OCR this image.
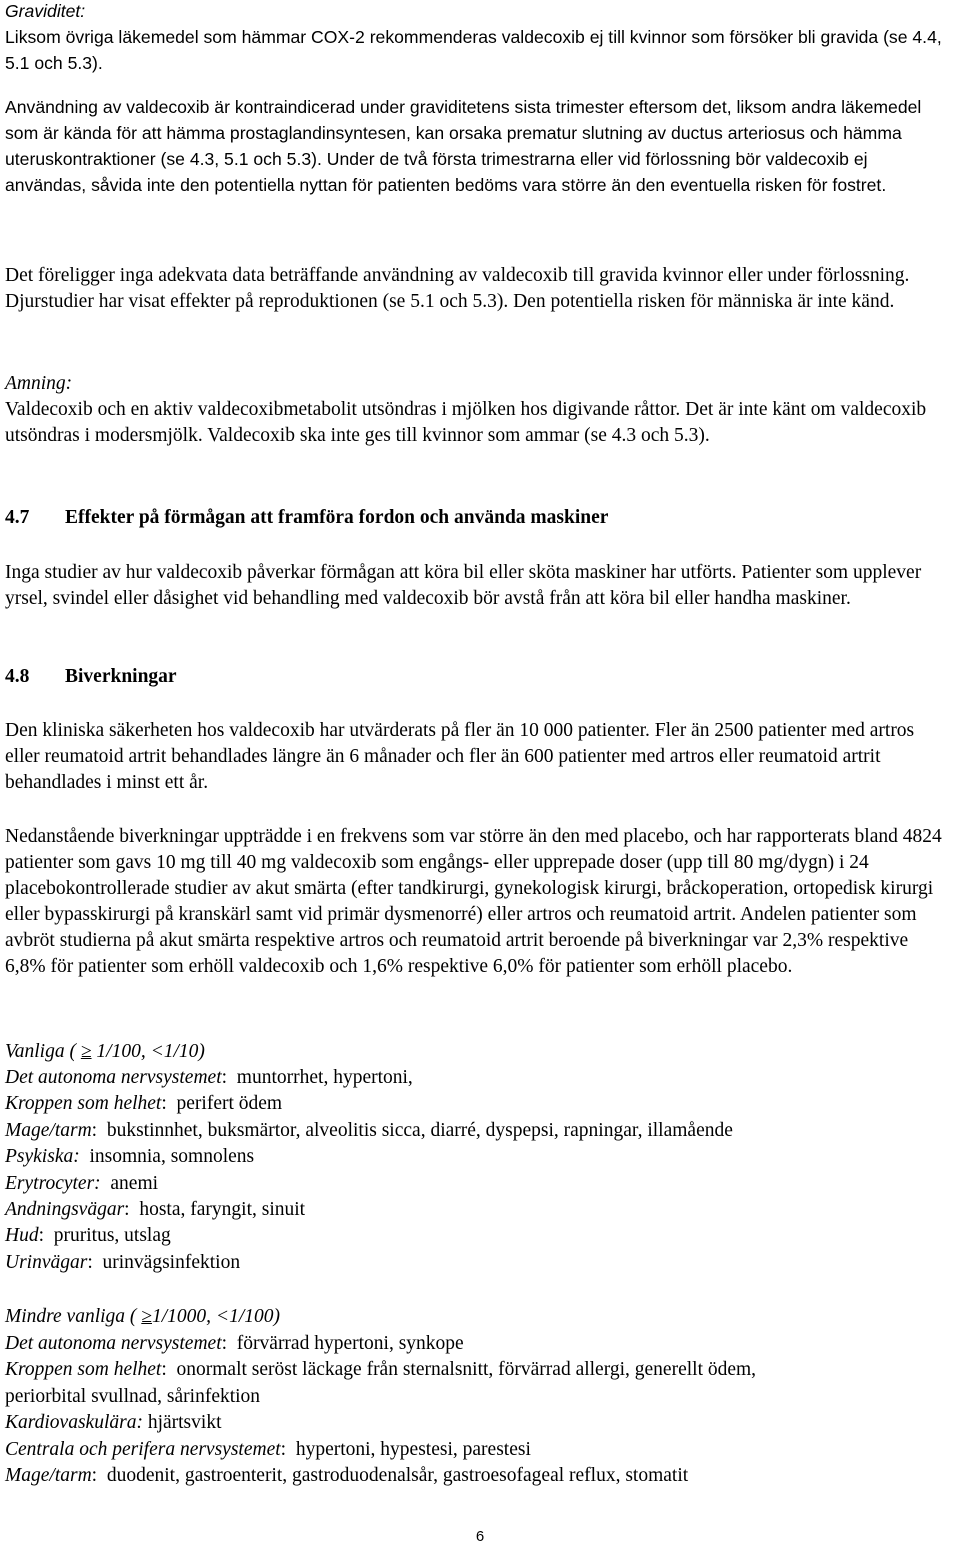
Graviditet:
Liksom övriga läkemedel som hämmar COX-2 rekommenderas valdecoxib ej till kvinnor som försöker bli gravida (se 4.4, 5.1 och 5.3).
Användning av valdecoxib är kontraindicerad under graviditetens sista trimester eftersom det, liksom andra läkemedel som är kända för att hämma prostaglandinsyntesen, kan orsaka prematur slutning av ductus arteriosus och hämma uteruskontraktioner (se 4.3, 5.1 och 5.3). Under de två första trimestrarna eller vid förlossning bör valdecoxib ej användas, såvida inte den potentiella nyttan för patienten bedöms vara större än den eventuella risken för fostret.
Det föreligger inga adekvata data beträffande användning av valdecoxib till gravida kvinnor eller under förlossning. Djurstudier har visat effekter på reproduktionen (se 5.1 och 5.3). Den potentiella risken för människa är inte känd.
Amning:
Valdecoxib och en aktiv valdecoxibmetabolit utsöndras i mjölken hos digivande råttor. Det är inte känt om valdecoxib utsöndras i modersmjölk. Valdecoxib ska inte ges till kvinnor som ammar (se 4.3 och 5.3).
4.7 Effekter på förmågan att framföra fordon och använda maskiner
Inga studier av hur valdecoxib påverkar förmågan att köra bil eller sköta maskiner har utförts. Patienter som upplever yrsel, svindel eller dåsighet vid behandling med valdecoxib bör avstå från att köra bil eller handha maskiner.
4.8 Biverkningar
Den kliniska säkerheten hos valdecoxib har utvärderats på fler än 10 000 patienter. Fler än 2500 patienter med artros eller reumatoid artrit behandlades längre än 6 månader och fler än 600 patienter med artros eller reumatoid artrit behandlades i minst ett år.
Nedanstående biverkningar uppträdde i en frekvens som var större än den med placebo, och har rapporterats bland 4824 patienter som gavs 10 mg till 40 mg valdecoxib som engångs- eller upprepade doser (upp till 80 mg/dygn) i 24 placebokontrollerade studier av akut smärta (efter tandkirurgi, gynekologisk kirurgi, bråckoperation, ortopedisk kirurgi eller bypasskirurgi på kranskärl samt vid primär dysmenorré) eller artros och reumatoid artrit. Andelen patienter som avbröt studierna på akut smärta respektive artros och reumatoid artrit beroende på biverkningar var 2,3% respektive 6,8% för patienter som erhöll valdecoxib och 1,6% respektive 6,0% för patienter som erhöll placebo.
Vanliga ( ≥ 1/100, <1/10)
Det autonoma nervsystemet:  muntorrhet, hypertoni,
Kroppen som helhet:  perifert ödem
Mage/tarm:  bukstinnhet, buksmärtor, alveolitis sicca, diarré, dyspepsi, rapningar, illamående
Psykiska: insomnia, somnolens
Erytrocyter: anemi
Andningsvägar:  hosta, faryngit, sinuit
Hud:  pruritus, utslag
Urinvägar:  urinvägsinfektion
Mindre vanliga ( ≥1/1000, <1/100)
Det autonoma nervsystemet:  förvärrad hypertoni, synkope
Kroppen som helhet:  onormalt seröst läckage från sternalsnitt, förvärrad allergi, generellt ödem,
periorbital svullnad, sårinfektion
Kardiovaskulära: hjärtsvikt
Centrala och perifera nervsystemet:  hypertoni, hypestesi, parestesi
Mage/tarm:  duodenit, gastroenterit, gastroduodenalsår, gastroesofageal reflux, stomatit
6
